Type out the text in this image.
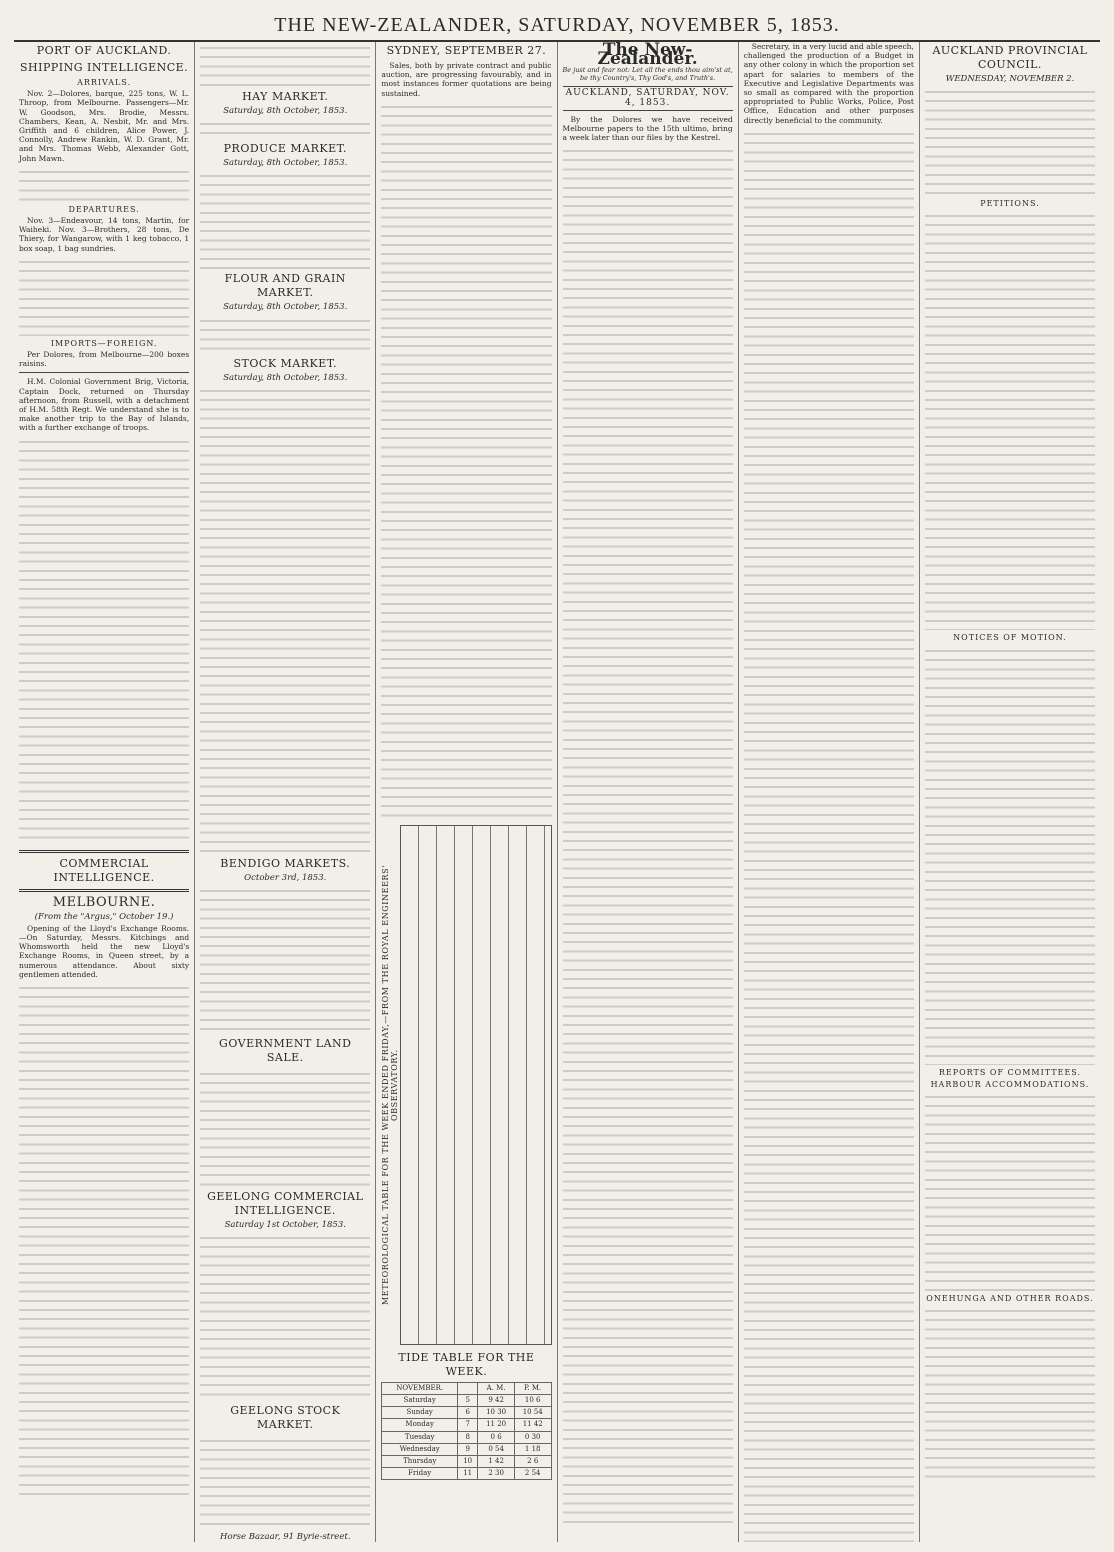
THE NEW-ZEALANDER, SATURDAY, NOVEMBER 5, 1853.
PORT OF AUCKLAND.
SHIPPING INTELLIGENCE.
ARRIVALS.

Nov. 2—Dolores, barque, 225 tons, W. L. Throop, from Melbourne. Passengers—Mr. W. Goodson, Mrs. Brodie, Messrs. Chambers, Kean, A. Nesbit, Mr. and Mrs. Griffith and 6 children, Alice Power, J. Connolly, Andrew Rankin, W. D. Grant, Mr. and Mrs. Thomas Webb, Alexander Gott, John Mawn.

DEPARTURES.

Nov. 3—Endeavour, 14 tons, Martin, for Waiheki. Nov. 3—Brothers, 28 tons, De Thiery, for Wangarow, with 1 keg tobacco, 1 box soap, 1 bag sundries.

IMPORTS—FOREIGN.

Per Dolores, from Melbourne—200 boxes raisins.

H.M. Colonial Government Brig, Victoria, Captain Dock, returned on Thursday afternoon, from Russell, with a detachment of H.M. 58th Regt. We understand she is to make another trip to the Bay of Islands, with a further exchange of troops.

COMMERCIAL INTELLIGENCE.
MELBOURNE.
(From the "Argus," October 19.)

Opening of the Lloyd's Exchange Rooms.—On Saturday, Messrs. Kitchings and Whomsworth held the new Lloyd's Exchange Rooms, in Queen street, by a numerous attendance. About sixty gentlemen attended.

HAY MARKET.
Saturday, 8th October, 1853.
PRODUCE MARKET.
Saturday, 8th October, 1853.
FLOUR AND GRAIN MARKET.
Saturday, 8th October, 1853.
STOCK MARKET.
Saturday, 8th October, 1853.
BENDIGO MARKETS.
October 3rd, 1853.
GOVERNMENT LAND SALE.
GEELONG COMMERCIAL INTELLIGENCE.
Saturday 1st October, 1853.
GEELONG STOCK MARKET.
Horse Bazaar, 91 Byrie-street.
SYDNEY, SEPTEMBER 27.

Sales, both by private contract and public auction, are progressing favourably, and in most instances former quotations are being sustained.

METEOROLOGICAL TABLE FOR THE WEEK ENDED FRIDAY,—FROM THE ROYAL ENGINEERS' OBSERVATORY.
TIDE TABLE FOR THE WEEK.
NOVEMBER.		A. M.	P. M.
Saturday	5	9 42	10 6
Sunday	6	10 30	10 54
Monday	7	11 20	11 42
Tuesday	8	0 6	0 30
Wednesday	9	0 54	1 18
Thursday	10	1 42	2 6
Friday	11	2 30	2 54
The New-Zealander.
Be just and fear not: Let all the ends thou aim'st at, be thy Country's, Thy God's, and Truth's.
AUCKLAND, SATURDAY, NOV. 4, 1853.

By the Dolores we have received Melbourne papers to the 15th ultimo, bring a week later than our files by the Kestrel.

Secretary, in a very lucid and able speech, challenged the production of a Budget in any other colony in which the proportion set apart for salaries to members of the Executive and Legislative Departments was so small as compared with the proportion appropriated to Public Works, Police, Post Office, Education and other purposes directly beneficial to the community.

AUCKLAND PROVINCIAL COUNCIL.
WEDNESDAY, NOVEMBER 2.
PETITIONS.
NOTICES OF MOTION.
REPORTS OF COMMITTEES.
HARBOUR ACCOMMODATIONS.
ONEHUNGA AND OTHER ROADS.
